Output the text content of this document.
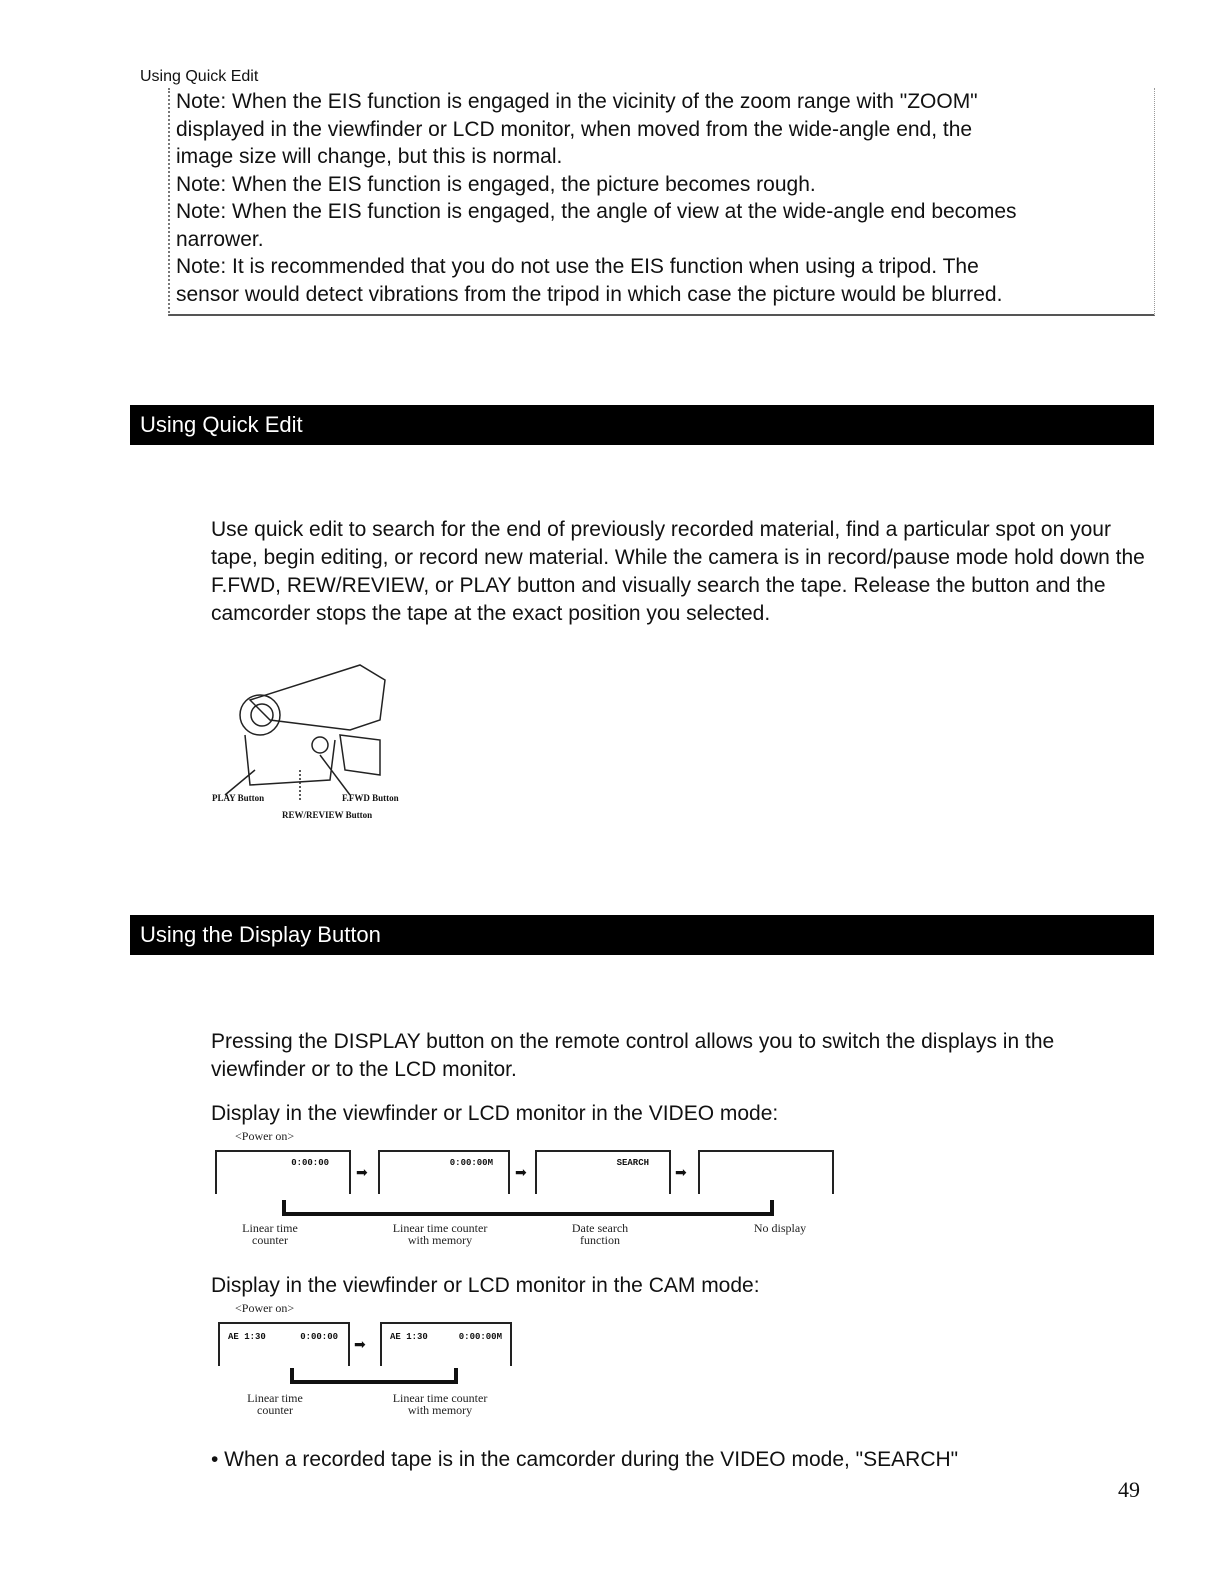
Using Quick Edit

Note: When the EIS function is engaged in the vicinity of the zoom range with "ZOOM"

displayed in the viewfinder or LCD monitor, when moved from the wide-angle end, the

image size will change, but this is normal.

Note: When the EIS function is engaged, the picture becomes rough.

Note: When the EIS function is engaged, the angle of view at the wide-angle end becomes

narrower.

Note: It is recommended that you do not use the EIS function when using a tripod. The

sensor would detect vibrations from the tripod in which case the picture would be blurred.

Using Quick Edit
Use quick edit to search for the end of previously recorded material, find a particular spot on your tape, begin editing, or record new material. While the camera is in record/pause mode hold down the F.FWD, REW/REVIEW, or PLAY button and visually search the tape. Release the button and the camcorder stops the tape at the exact position you selected.
PLAY Button	F.FWD Button
REW/REVIEW Button
Using the Display Button
Pressing the DISPLAY button on the remote control allows you to switch the displays in the viewfinder or to the LCD monitor.
Display in the viewfinder or LCD monitor in the VIDEO mode:
<Power on>
0:00:00
➡
0:00:00M
➡
SEARCH
➡
Linear time
counter
Linear time counter
with memory
Date search
function
No display
Display in the viewfinder or LCD monitor in the CAM mode:
<Power on>
AE 1:30	0:00:00 ➡	AE 1:30	0:00:00M
Linear time
counter
Linear time counter
with memory
• When a recorded tape is in the camcorder during the VIDEO mode, "SEARCH"
49
